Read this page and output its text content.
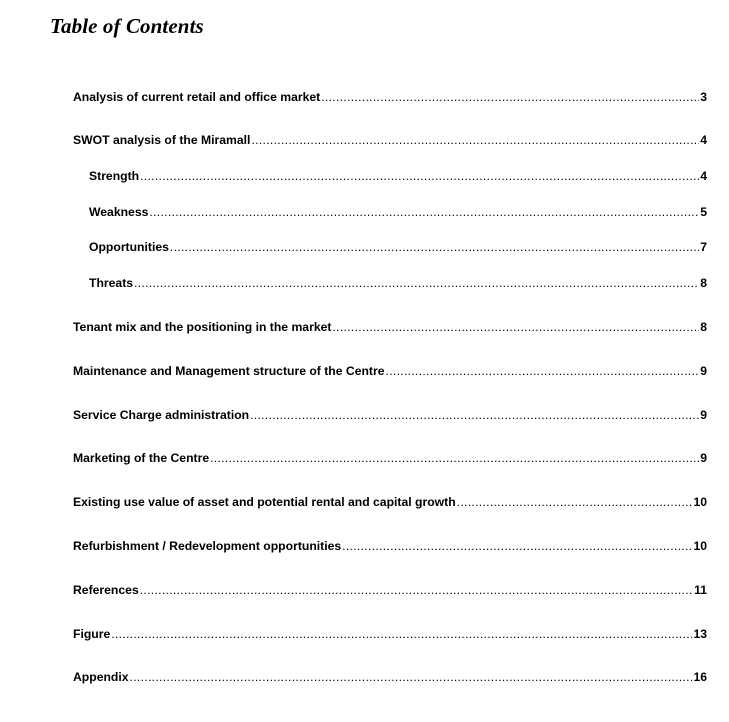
Table of Contents
Analysis of current retail and office market .....	3
SWOT analysis of the Miramall .....	4
Strength .....	4
Weakness .....	5
Opportunities .....	7
Threats .....	8
Tenant mix and the positioning in the market .....	8
Maintenance and Management structure of the Centre .....	9
Service Charge administration .....	9
Marketing of the Centre .....	9
Existing use value of asset and potential rental and capital growth .....	10
Refurbishment / Redevelopment opportunities .....	10
References .....	11
Figure .....	13
Appendix .....	16
